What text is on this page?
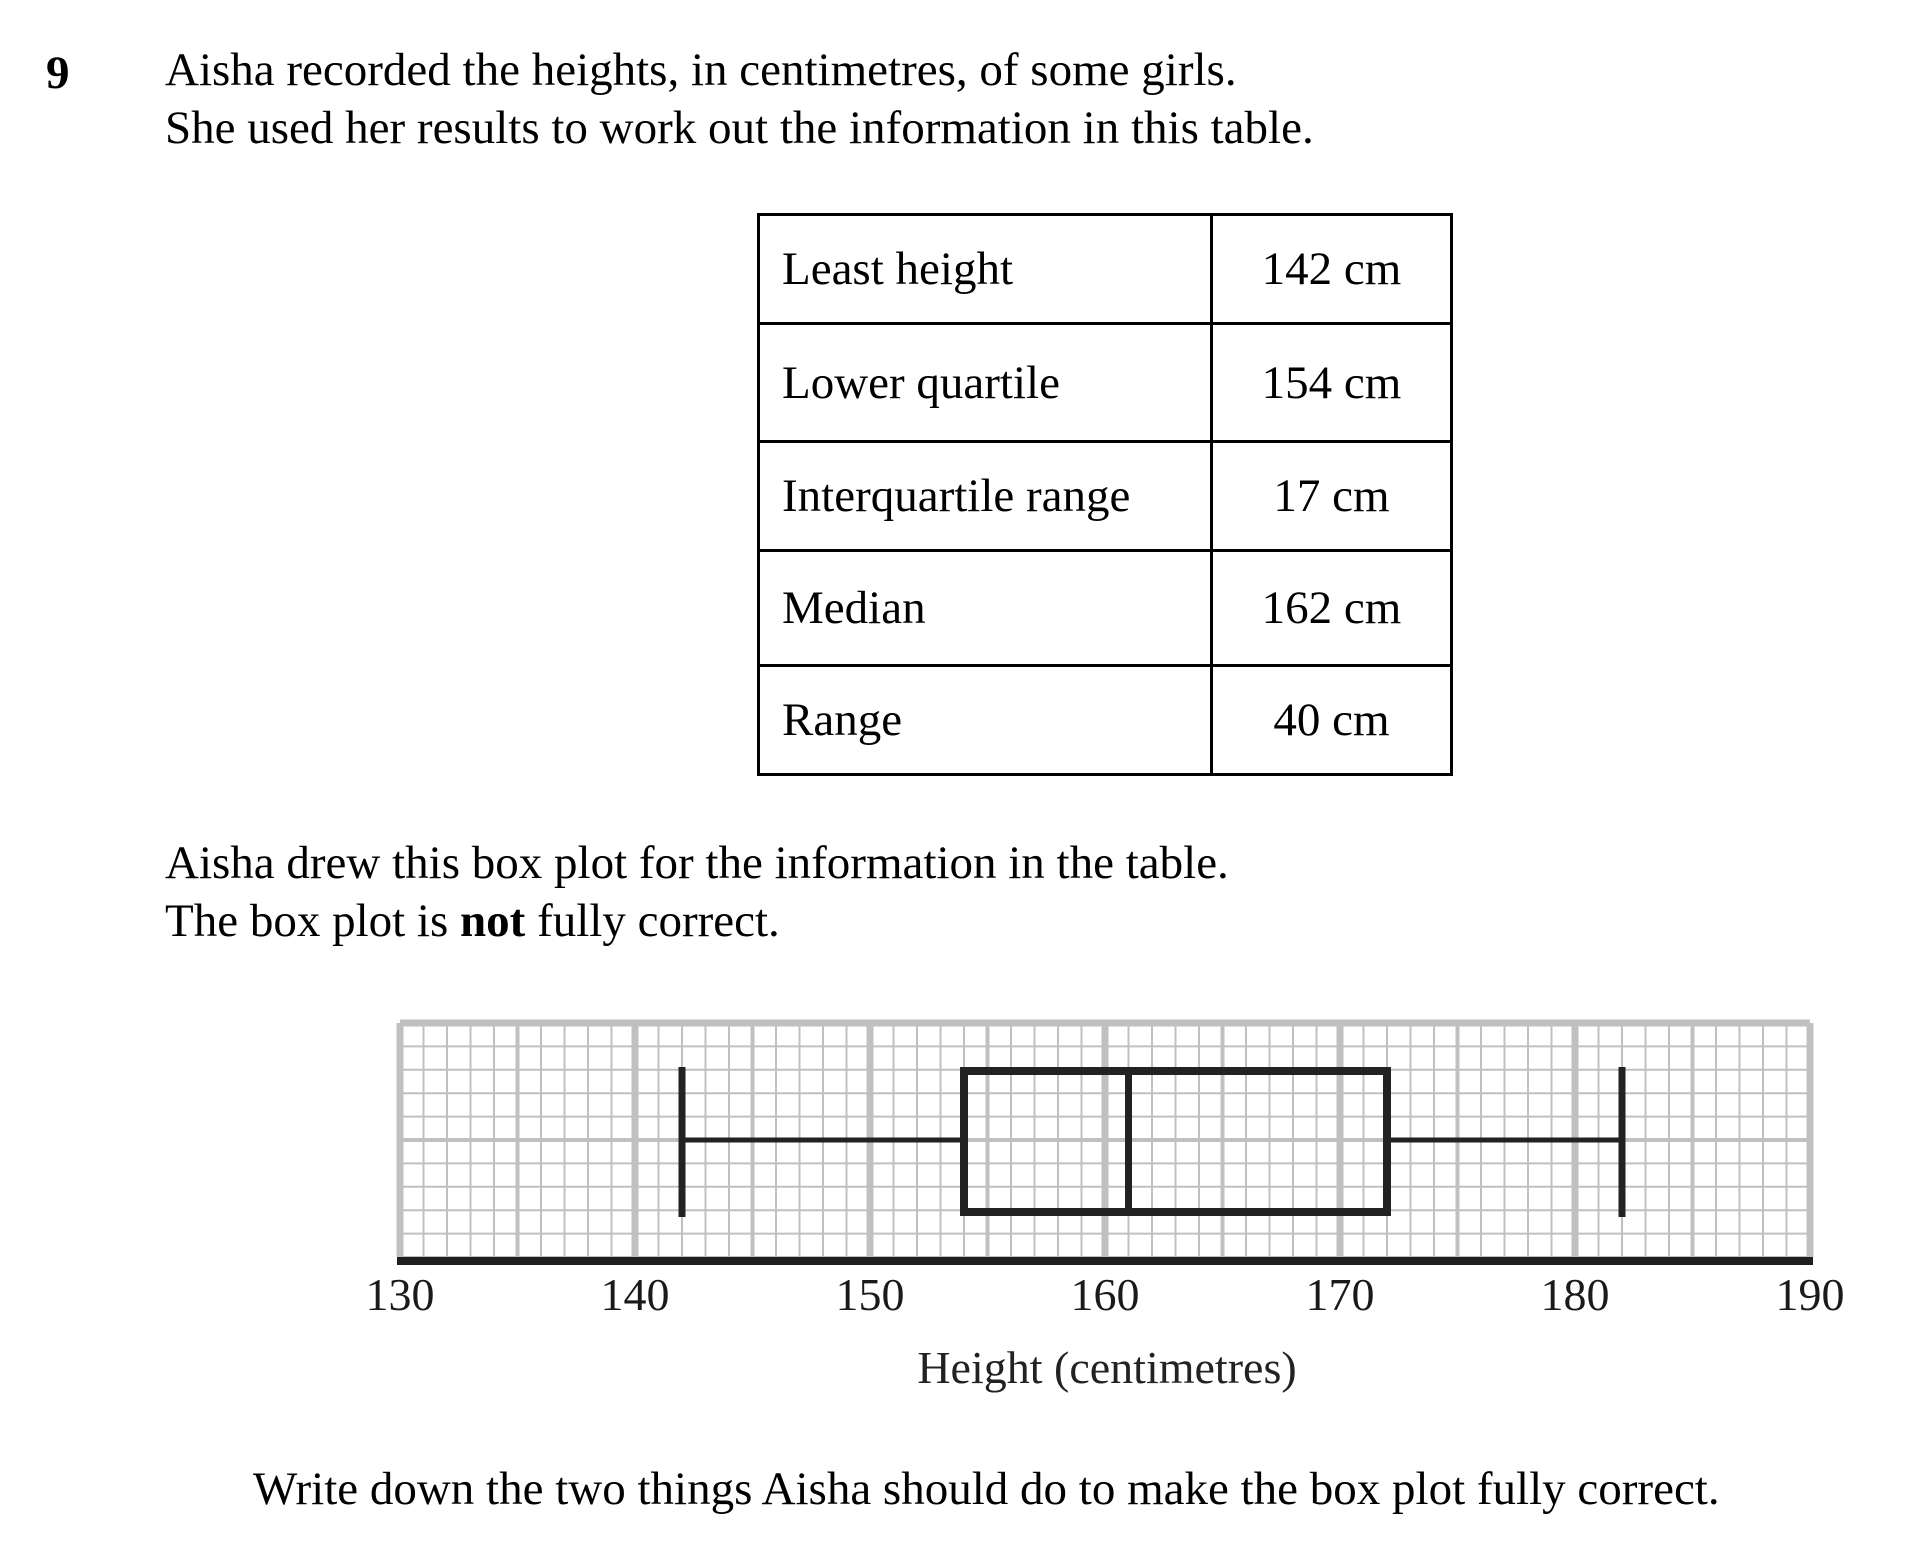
9 Aisha recorded the heights, in centimetres, of some girls.
She used her results to work out the information in this table.
Least height	142 cm
Lower quartile	154 cm
Interquartile range	17 cm
Median	162 cm
Range	40 cm
Aisha drew this box plot for the information in the table.
The box plot is not fully correct.
130	140	150	160	170	180	190
Height (centimetres)
Write down the two things Aisha should do to make the box plot fully correct.
